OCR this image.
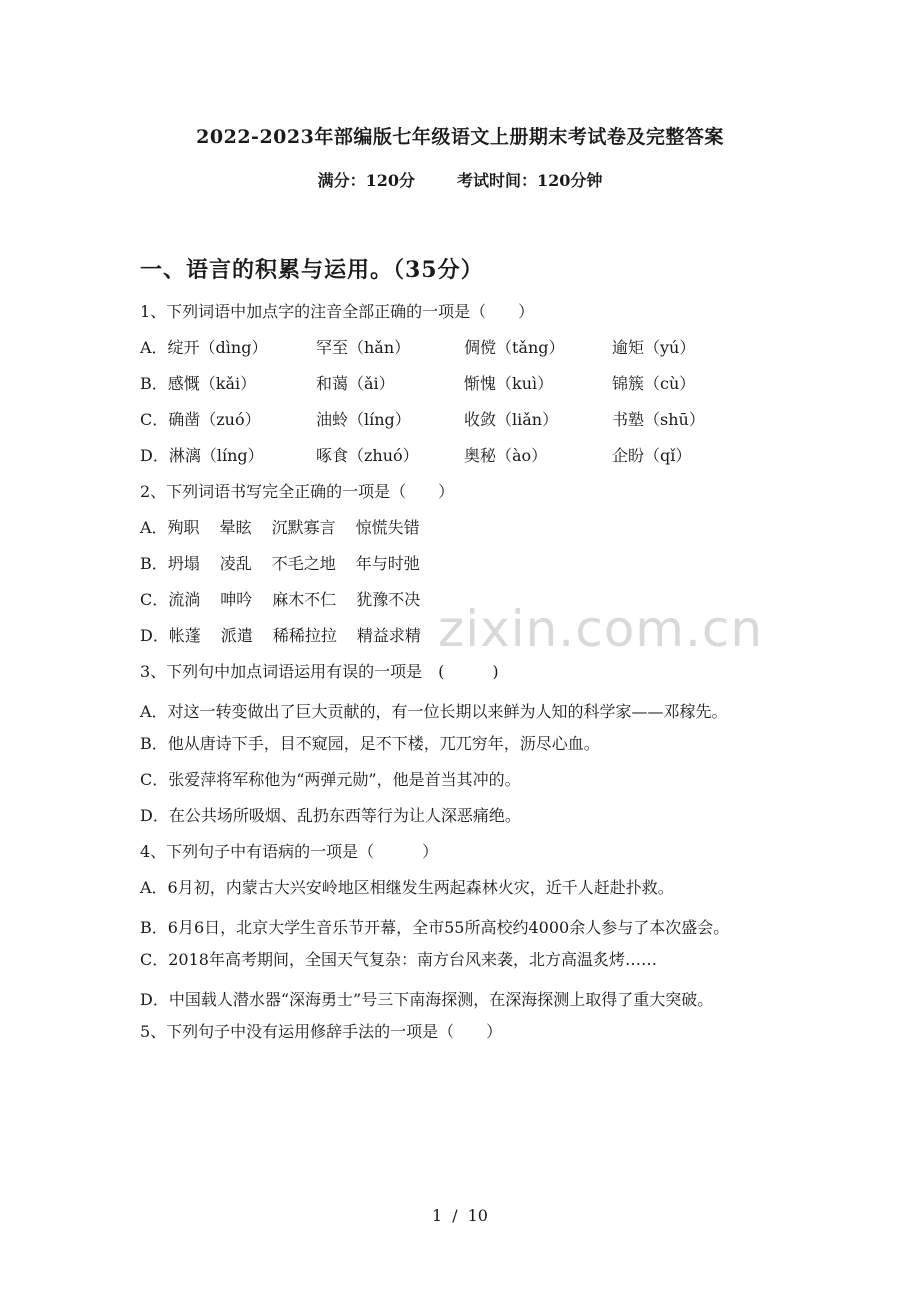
2022-2023年部编版七年级语文上册期末考试卷及完整答案
满分：120分	考试时间：120分钟
一、语言的积累与运用。（35分）
1、下列词语中加点字的注音全部正确的一项是（　　）
A．绽开（dìng）	罕至（hǎn）	倜傥（tǎng）	逾矩（yú）
B．感慨（kǎi）	和蔼（ǎi）	惭愧（kuì）	锦簇（cù）
C．确凿（zuó）	油蛉（líng）	收敛（liǎn）	书塾（shū）
D．淋漓（líng）	啄食（zhuó）	奥秘（ào）	企盼（qǐ）
2、下列词语书写完全正确的一项是（　　）
A．殉职 晕眩 沉默寡言 惊慌失错
B．坍塌 凌乱 不毛之地 年与时弛
C．流淌 呻吟 麻木不仁 犹豫不决
D．帐蓬 派遣 稀稀拉拉 精益求精
3、下列句中加点词语运用有误的一项是　(　　　)
A．对这一转变做出了巨大贡献的，有一位长期以来鲜为人知的科学家——邓稼先。
B．他从唐诗下手，目不窥园，足不下楼，兀兀穷年，沥尽心血。
C．张爱萍将军称他为“两弹元勋”，他是首当其冲的。
D．在公共场所吸烟、乱扔东西等行为让人深恶痛绝。
4、下列句子中有语病的一项是（　　　）
A．6月初，内蒙古大兴安岭地区相继发生两起森林火灾，近千人赶赴扑救。
B．6月6日，北京大学生音乐节开幕，全市55所高校约4000余人参与了本次盛会。
C．2018年高考期间，全国天气复杂：南方台风来袭，北方高温炙烤……
D．中国载人潜水器“深海勇士”号三下南海探测，在深海探测上取得了重大突破。
5、下列句子中没有运用修辞手法的一项是（　　）
zixin.com.cn
1 / 10
